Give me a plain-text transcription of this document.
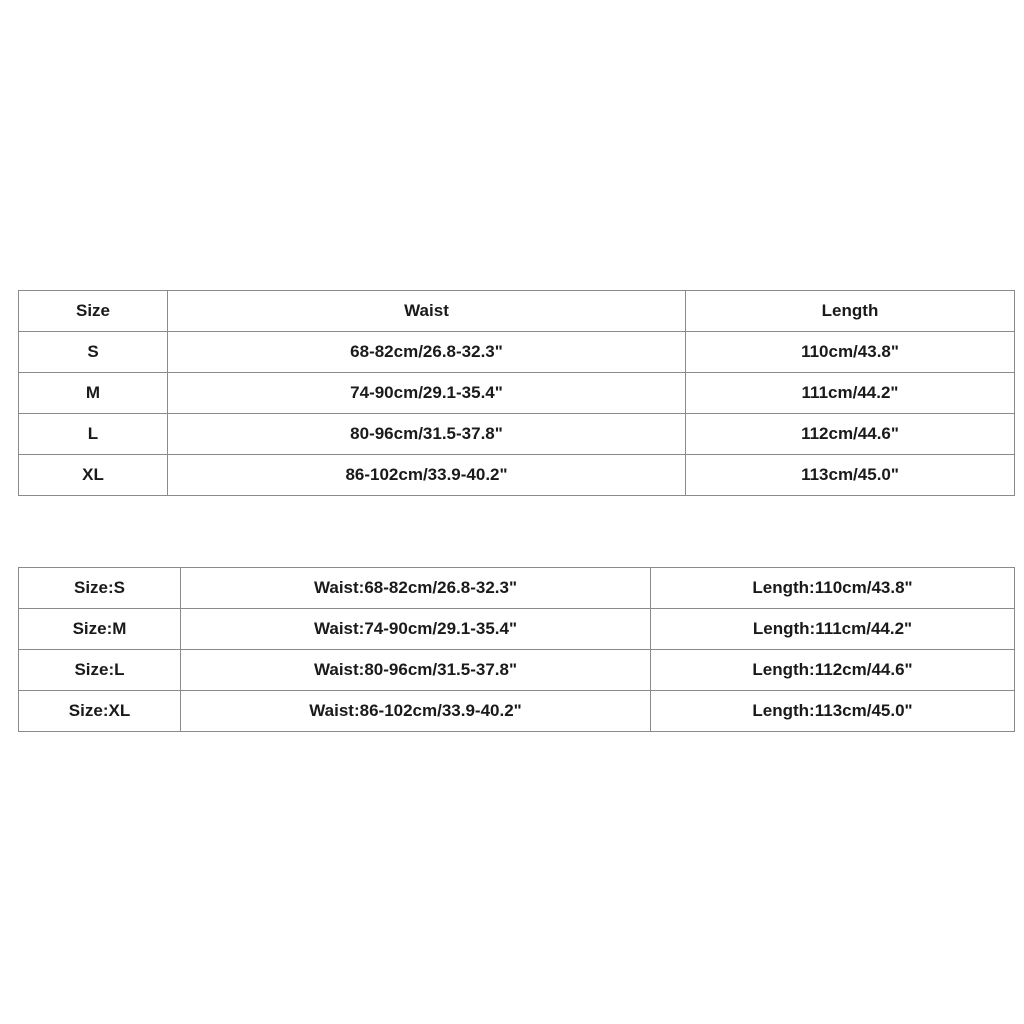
Size	Waist	Length
S	68-82cm/26.8-32.3"	110cm/43.8"
M	74-90cm/29.1-35.4"	111cm/44.2"
L	80-96cm/31.5-37.8"	112cm/44.6"
XL	86-102cm/33.9-40.2"	113cm/45.0"
Size:S	Waist:68-82cm/26.8-32.3"	Length:110cm/43.8"
Size:M	Waist:74-90cm/29.1-35.4"	Length:111cm/44.2"
Size:L	Waist:80-96cm/31.5-37.8"	Length:112cm/44.6"
Size:XL	Waist:86-102cm/33.9-40.2"	Length:113cm/45.0"
